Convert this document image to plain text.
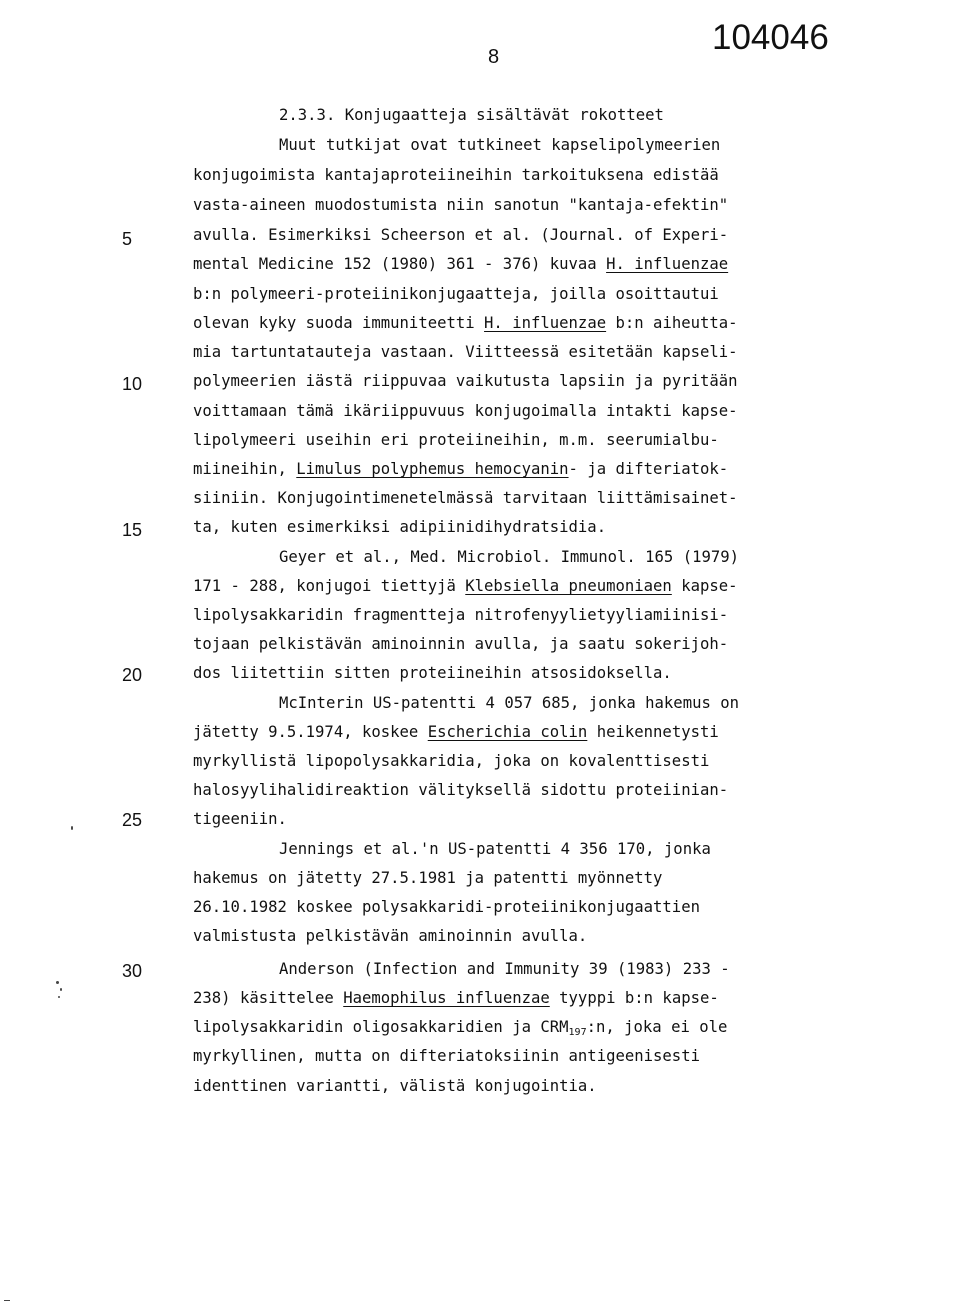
8	104046
5
10
15
20
25
30
2.3.3. Konjugaatteja sisältävät rokotteet
Muut tutkijat ovat tutkineet kapselipolymeerien
konjugoimista kantajaproteiineihin tarkoituksena edistää
vasta-aineen muodostumista niin sanotun "kantaja-efektin"
avulla. Esimerkiksi Scheerson et al. (Journal. of Experi-
mental Medicine 152 (1980) 361 - 376) kuvaa H. influenzae
b:n polymeeri-proteiinikonjugaatteja, joilla osoittautui
olevan kyky suoda immuniteetti H. influenzae b:n aiheutta-
mia tartuntatauteja vastaan. Viitteessä esitetään kapseli-
polymeerien iästä riippuvaa vaikutusta lapsiin ja pyritään
voittamaan tämä ikäriippuvuus konjugoimalla intakti kapse-
lipolymeeri useihin eri proteiineihin, m.m. seerumialbu-
miineihin, Limulus polyphemus hemocyanin- ja difteriatok-
siiniin. Konjugointimenetelmässä tarvitaan liittämisainet-
ta, kuten esimerkiksi adipiinidihydratsidia.
Geyer et al., Med. Microbiol. Immunol. 165 (1979)
171 - 288, konjugoi tiettyjä Klebsiella pneumoniaen kapse-
lipolysakkaridin fragmentteja nitrofenyylietyyliamiinisi-
tojaan pelkistävän aminoinnin avulla, ja saatu sokerijoh-
dos liitettiin sitten proteiineihin atsosidoksella.
McInterin US-patentti 4 057 685, jonka hakemus on
jätetty 9.5.1974, koskee Escherichia colin heikennetysti
myrkyllistä lipopolysakkaridia, joka on kovalenttisesti
halosyylihalidireaktion välityksellä sidottu proteiinian-
tigeeniin.
Jennings et al.'n US-patentti 4 356 170, jonka
hakemus on jätetty 27.5.1981 ja patentti myönnetty
26.10.1982 koskee polysakkaridi-proteiinikonjugaattien
valmistusta pelkistävän aminoinnin avulla.
Anderson (Infection and Immunity 39 (1983) 233 -
238) käsittelee Haemophilus influenzae tyyppi b:n kapse-
lipolysakkaridin oligosakkaridien ja $CRM_{197}:n$, joka ei ole
myrkyllinen, mutta on difteriatoksiinin antigeenisesti
identtinen variantti, välistä konjugointia.
